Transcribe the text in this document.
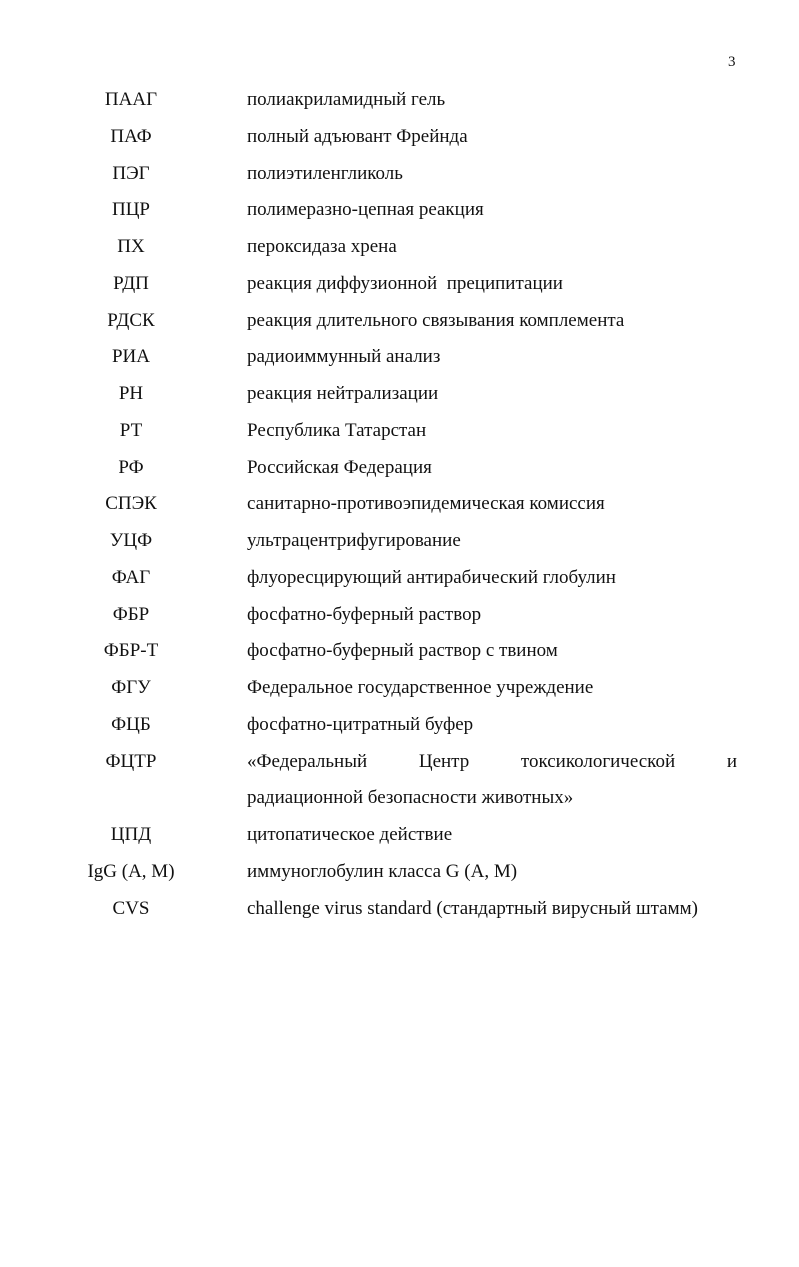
3
ПААГ	полиакриламидный гель
ПАФ	полный адъювант Фрейнда
ПЭГ	полиэтиленгликоль
ПЦР	полимеразно-цепная реакция
ПХ	пероксидаза хрена
РДП	реакция диффузионной  преципитации
РДСК	реакция длительного связывания комплемента
РИА	радиоиммунный анализ
РН	реакция нейтрализации
РТ	Республика Татарстан
РФ	Российская Федерация
СПЭК	санитарно-противоэпидемическая комиссия
УЦФ	ультрацентрифугирование
ФАГ	флуоресцирующий антирабический глобулин
ФБР	фосфатно-буферный раствор
ФБР-Т	фосфатно-буферный раствор с твином
ФГУ	Федеральное государственное учреждение
ФЦБ	фосфатно-цитратный буфер
ФЦТР	«Федеральный Центр токсикологической и
радиационной безопасности животных»
ЦПД	цитопатическое действие
IgG (A, M)	иммуноглобулин класса G (A, M)
CVS	challenge virus standard (стандартный вирусный штамм)
